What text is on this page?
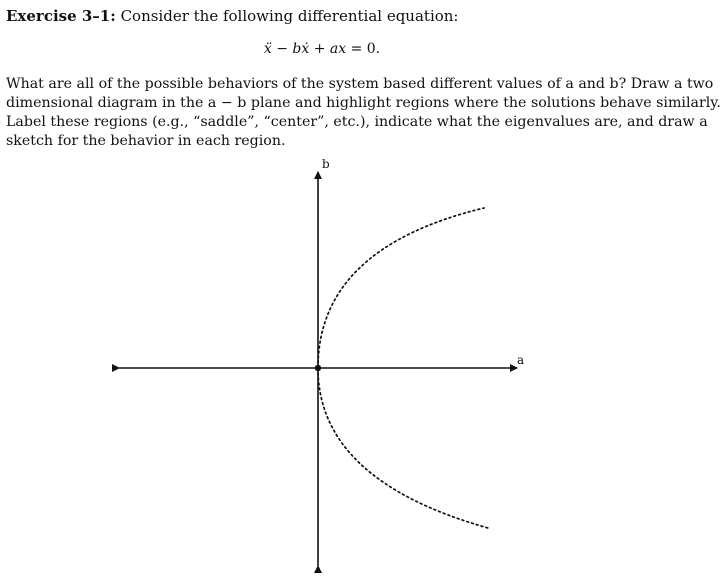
Exercise 3–1: Consider the following differential equation:
ẍ − bẋ + ax = 0.
What are all of the possible behaviors of the system based different values of a and b? Draw a two
dimensional diagram in the a − b plane and highlight regions where the solutions behave similarly.
Label these regions (e.g., “saddle”, “center”, etc.), indicate what the eigenvalues are, and draw a
sketch for the behavior in each region.
b
a
